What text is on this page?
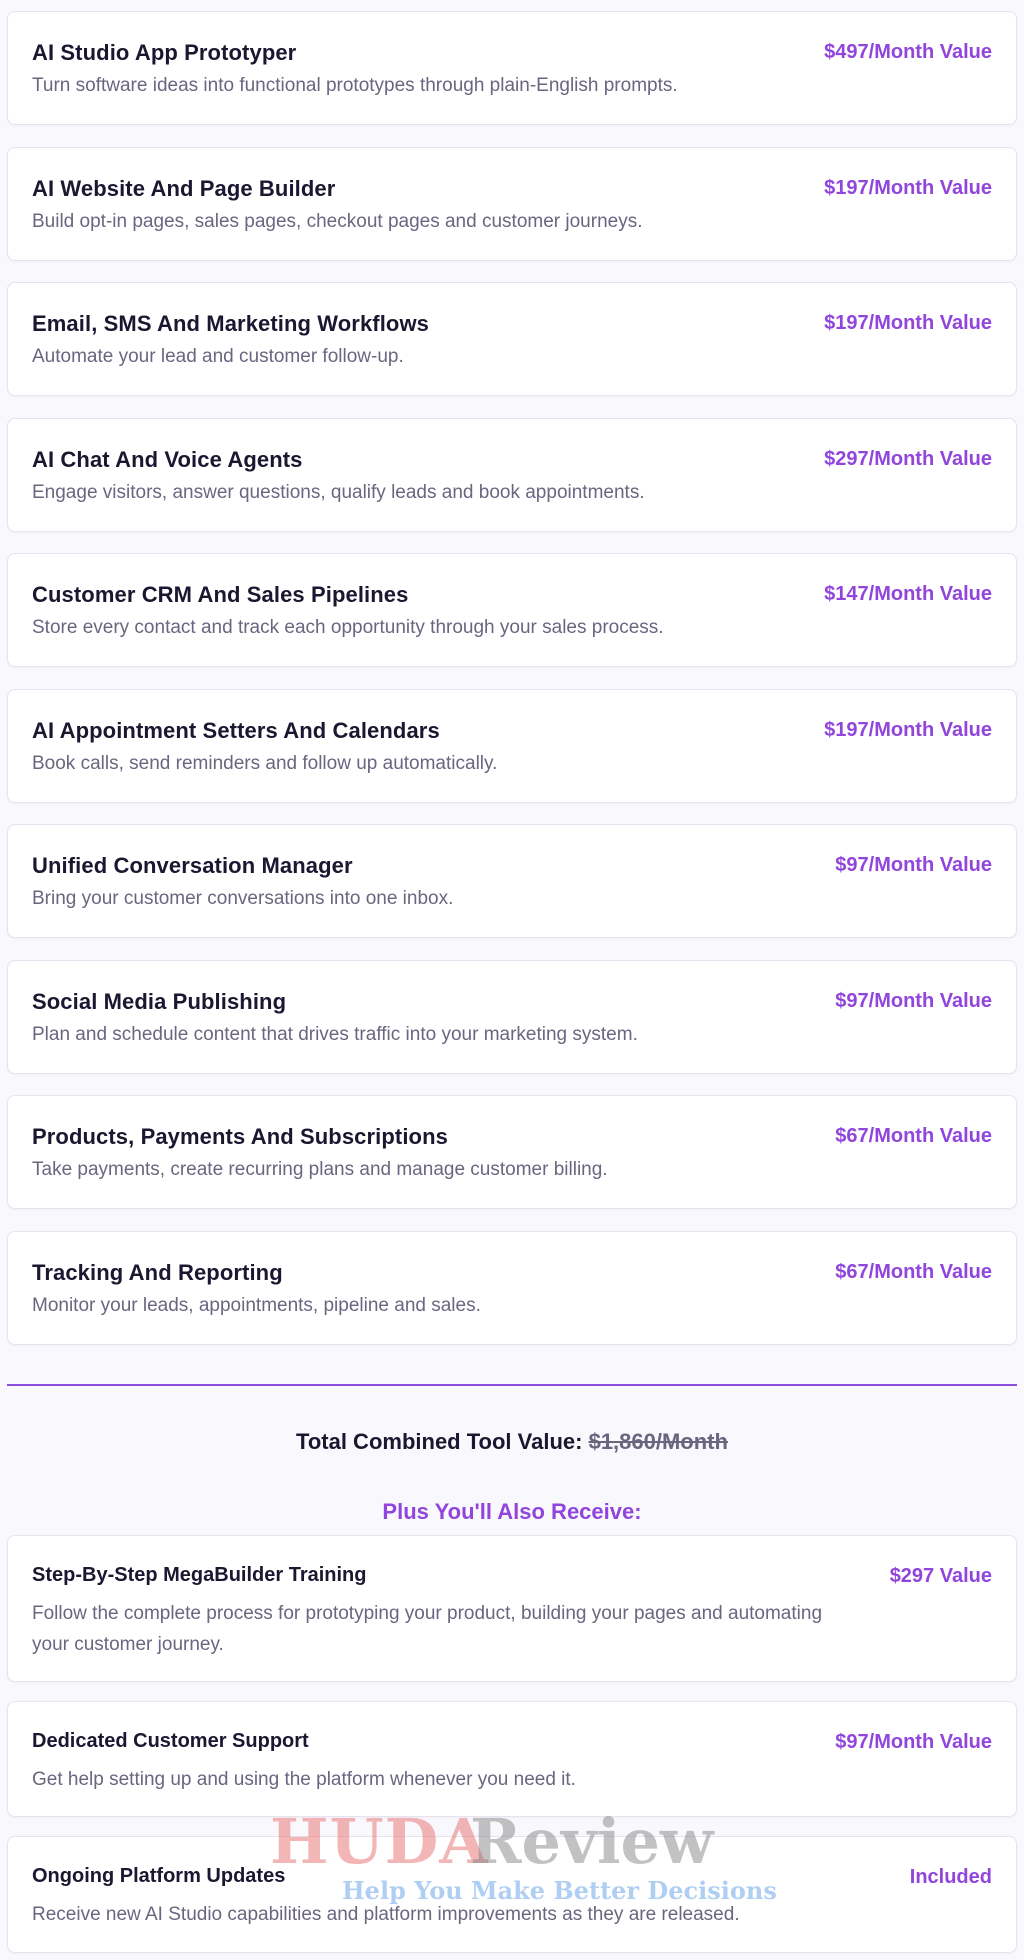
AI Studio App Prototyper
Turn software ideas into functional prototypes through plain-English prompts.
$497/Month Value
AI Website And Page Builder
Build opt-in pages, sales pages, checkout pages and customer journeys.
$197/Month Value
Email, SMS And Marketing Workflows
Automate your lead and customer follow-up.
$197/Month Value
AI Chat And Voice Agents
Engage visitors, answer questions, qualify leads and book appointments.
$297/Month Value
Customer CRM And Sales Pipelines
Store every contact and track each opportunity through your sales process.
$147/Month Value
AI Appointment Setters And Calendars
Book calls, send reminders and follow up automatically.
$197/Month Value
Unified Conversation Manager
Bring your customer conversations into one inbox.
$97/Month Value
Social Media Publishing
Plan and schedule content that drives traffic into your marketing system.
$97/Month Value
Products, Payments And Subscriptions
Take payments, create recurring plans and manage customer billing.
$67/Month Value
Tracking And Reporting
Monitor your leads, appointments, pipeline and sales.
$67/Month Value
Total Combined Tool Value: $1,860/Month
Plus You'll Also Receive:
Step-By-Step MegaBuilder Training
Follow the complete process for prototyping your product, building your pages and automating your customer journey.
$297 Value
Dedicated Customer Support
Get help setting up and using the platform whenever you need it.
$97/Month Value
Ongoing Platform Updates
Receive new AI Studio capabilities and platform improvements as they are released.
Included
HUDA
Review
Help You Make Better Decisions
